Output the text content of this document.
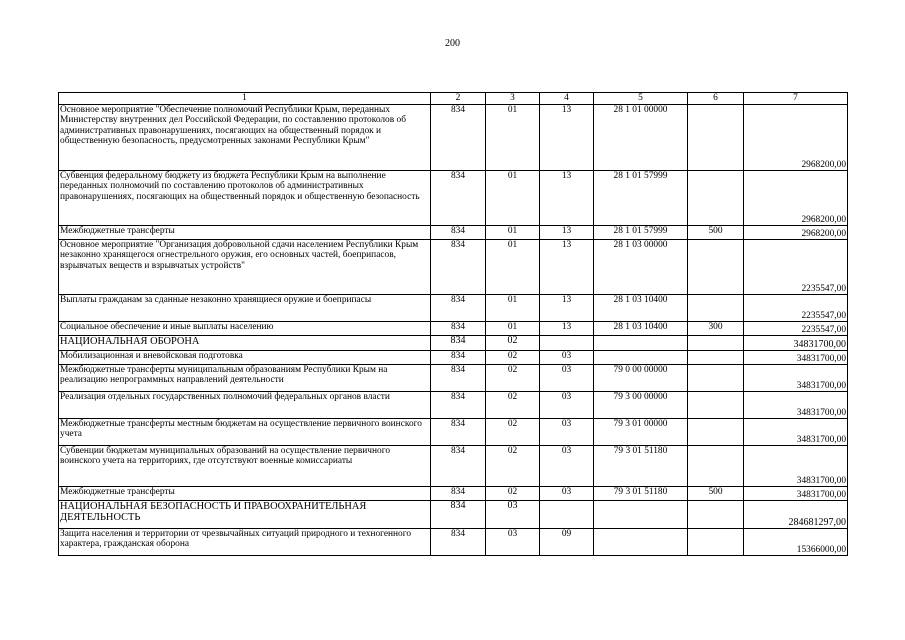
200
1	2	3	4	5	6	7
Основное мероприятие "Обеспечение полномочий Республики Крым, переданных Министерству внутренних дел Российской Федерации, по составлению протоколов об административных правонарушениях, посягающих на общественный порядок и общественную безопасность, предусмотренных законами Республики Крым"	834	01	13	28 1 01 00000		2968200,00
Субвенция федеральному бюджету из бюджета Республики Крым на выполнение переданных полномочий по составлению протоколов об административных правонарушениях, посягающих на общественный порядок и общественную безопасность	834	01	13	28 1 01 57999		2968200,00
Межбюджетные трансферты	834	01	13	28 1 01 57999	500	2968200,00
Основное мероприятие "Организация добровольной сдачи населением Республики Крым незаконно хранящегося огнестрельного оружия, его основных частей, боеприпасов, взрывчатых веществ и взрывчатых устройств"	834	01	13	28 1 03 00000		2235547,00
Выплаты гражданам за сданные незаконно хранящиеся оружие и боеприпасы	834	01	13	28 1 03 10400		2235547,00
Социальное обеспечение и иные выплаты населению	834	01	13	28 1 03 10400	300	2235547,00
НАЦИОНАЛЬНАЯ ОБОРОНА	834	02				34831700,00
Мобилизационная и вневойсковая подготовка	834	02	03			34831700,00
Межбюджетные трансферты муниципальным образованиям Республики Крым на реализацию непрограммных направлений деятельности	834	02	03	79 0 00 00000		34831700,00
Реализация отдельных государственных полномочий федеральных органов власти	834	02	03	79 3 00 00000		34831700,00
Межбюджетные трансферты местным бюджетам на осуществление первичного воинского учета	834	02	03	79 3 01 00000		34831700,00
Субвенции бюджетам муниципальных образований на осуществление первичного воинского учета на территориях, где отсутствуют военные комиссариаты	834	02	03	79 3 01 51180		34831700,00
Межбюджетные трансферты	834	02	03	79 3 01 51180	500	34831700,00
НАЦИОНАЛЬНАЯ БЕЗОПАСНОСТЬ И ПРАВООХРАНИТЕЛЬНАЯ ДЕЯТЕЛЬНОСТЬ	834	03				284681297,00
Защита населения и территории от чрезвычайных ситуаций природного и техногенного характера, гражданская оборона	834	03	09			15366000,00
